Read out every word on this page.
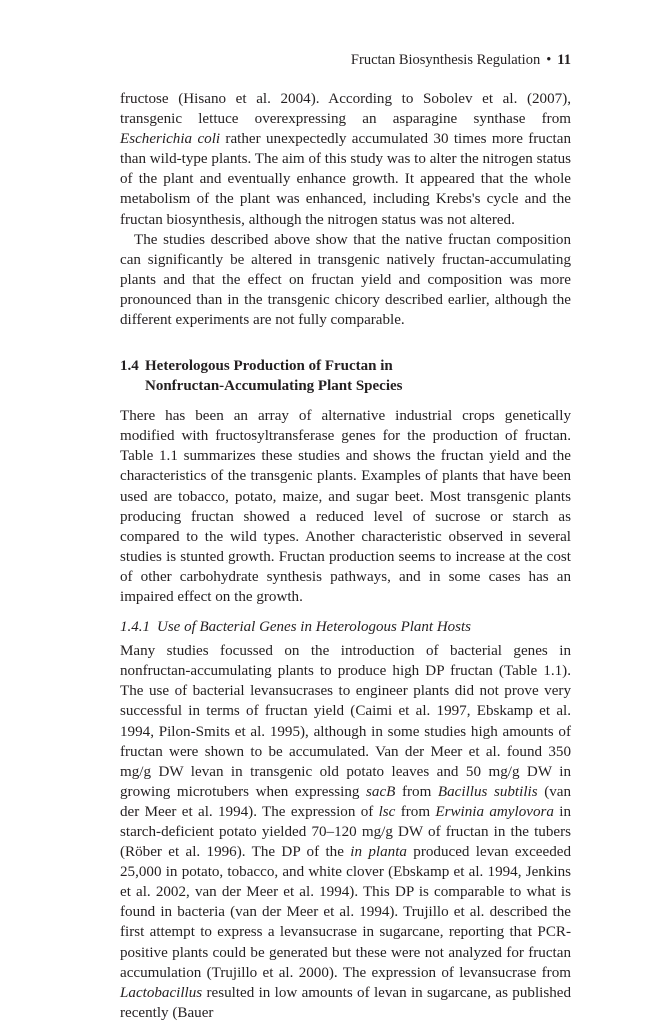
Fructan Biosynthesis Regulation • 11

fructose (Hisano et al. 2004). According to Sobolev et al. (2007), transgenic lettuce overexpressing an asparagine synthase from Escherichia coli rather unexpectedly accumulated 30 times more fructan than wild-type plants. The aim of this study was to alter the nitrogen status of the plant and eventually enhance growth. It appeared that the whole metabolism of the plant was enhanced, including Krebs's cycle and the fructan biosynthesis, although the nitrogen status was not altered.

The studies described above show that the native fructan composition can significantly be altered in transgenic natively fructan-accumulating plants and that the effect on fructan yield and composition was more pronounced than in the transgenic chicory described earlier, although the different experiments are not fully comparable.

1.4 Heterologous Production of Fructan in
Nonfructan-Accumulating Plant Species

There has been an array of alternative industrial crops genetically modified with fructosyltransferase genes for the production of fructan. Table 1.1 summarizes these studies and shows the fructan yield and the characteristics of the transgenic plants. Examples of plants that have been used are tobacco, potato, maize, and sugar beet. Most transgenic plants producing fructan showed a reduced level of sucrose or starch as compared to the wild types. Another characteristic observed in several studies is stunted growth. Fructan production seems to increase at the cost of other carbohydrate synthesis pathways, and in some cases has an impaired effect on the growth.

1.4.1 Use of Bacterial Genes in Heterologous Plant Hosts

Many studies focussed on the introduction of bacterial genes in nonfructan-accumulating plants to produce high DP fructan (Table 1.1). The use of bacterial levansucrases to engineer plants did not prove very successful in terms of fructan yield (Caimi et al. 1997, Ebskamp et al. 1994, Pilon-Smits et al. 1995), although in some studies high amounts of fructan were shown to be accumulated. Van der Meer et al. found 350 mg/g DW levan in transgenic old potato leaves and 50 mg/g DW in growing microtubers when expressing sacB from Bacillus subtilis (van der Meer et al. 1994). The expression of lsc from Erwinia amylovora in starch-deficient potato yielded 70–120 mg/g DW of fructan in the tubers (Röber et al. 1996). The DP of the in planta produced levan exceeded 25,000 in potato, tobacco, and white clover (Ebskamp et al. 1994, Jenkins et al. 2002, van der Meer et al. 1994). This DP is comparable to what is found in bacteria (van der Meer et al. 1994). Trujillo et al. described the first attempt to express a levansucrase in sugarcane, reporting that PCR-positive plants could be generated but these were not analyzed for fructan accumulation (Trujillo et al. 2000). The expression of levansucrase from Lactobacillus resulted in low amounts of levan in sugarcane, as published recently (Bauer
